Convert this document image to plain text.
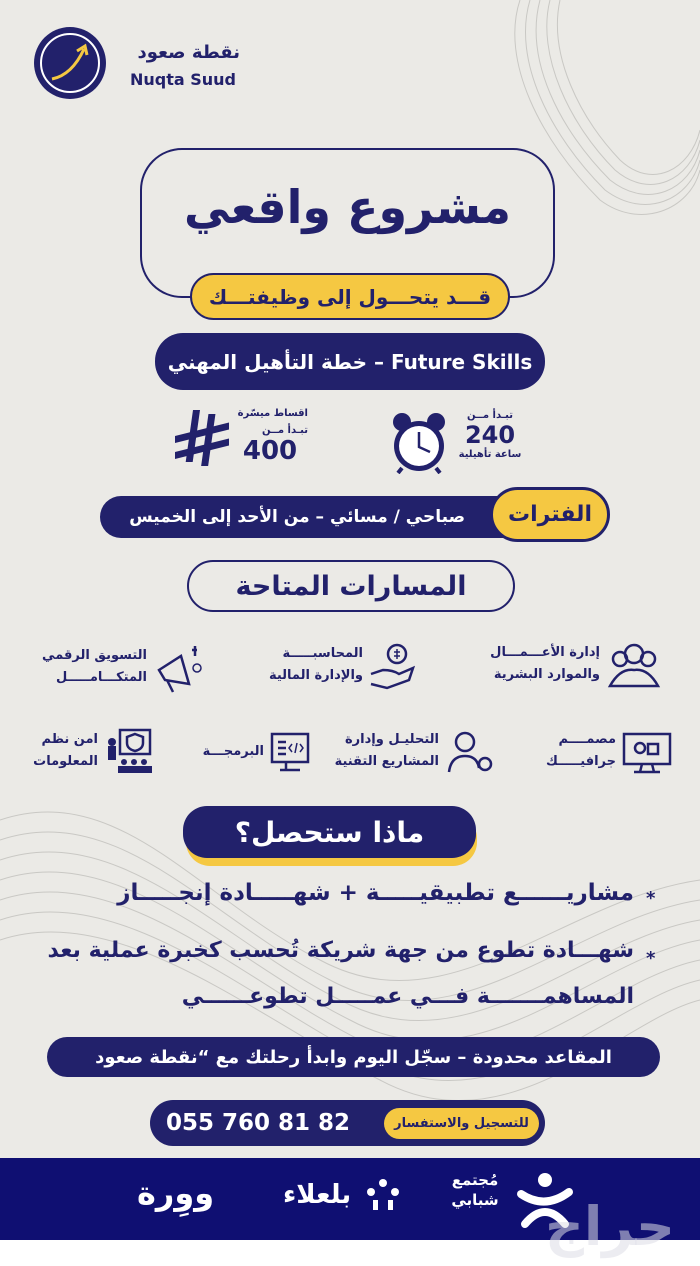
نقطة صعود
Nuqta Suud
مشروع واقعي
قـــد يتحـــول إلى وظيفتـــك
Future Skills – خطة التأهيل المهني
اقساط ميسّرة
تبـدأ مــن
400
تبـدأ مــن
240
ساعة تأهيلية
صباحي / مسائي – من الأحد إلى الخميس	الفترات
المسارات المتاحة
إدارة الأعـــمـــال
والموارد البشرية
المحاسبـــــة
والإدارة المالية
التسويق الرقمي
المتكـــامـــــل
مصمــــم
جرافيـــــك
التحليـل وإدارة
المشاريع التقنية
البرمجـــة
امن نظم
المعلومات
ماذا ستحصل؟
*
مشاريــــــع تطبيقيـــــة + شهـــــادة إنجـــــاز
*
شهـــادة تطوع من جهة شريكة تُحسب كخبرة عملية بعد
المساهمـــــــة فـــي عمـــــل تطوعــــــي
المقاعد محدودة – سجّل اليوم وابدأ رحلتك مع “نقطة صعود
055 760 81 82	للتسجيل والاستفسار
مُجتمع شبابي
بلعلاء
ووِرة
حراج
